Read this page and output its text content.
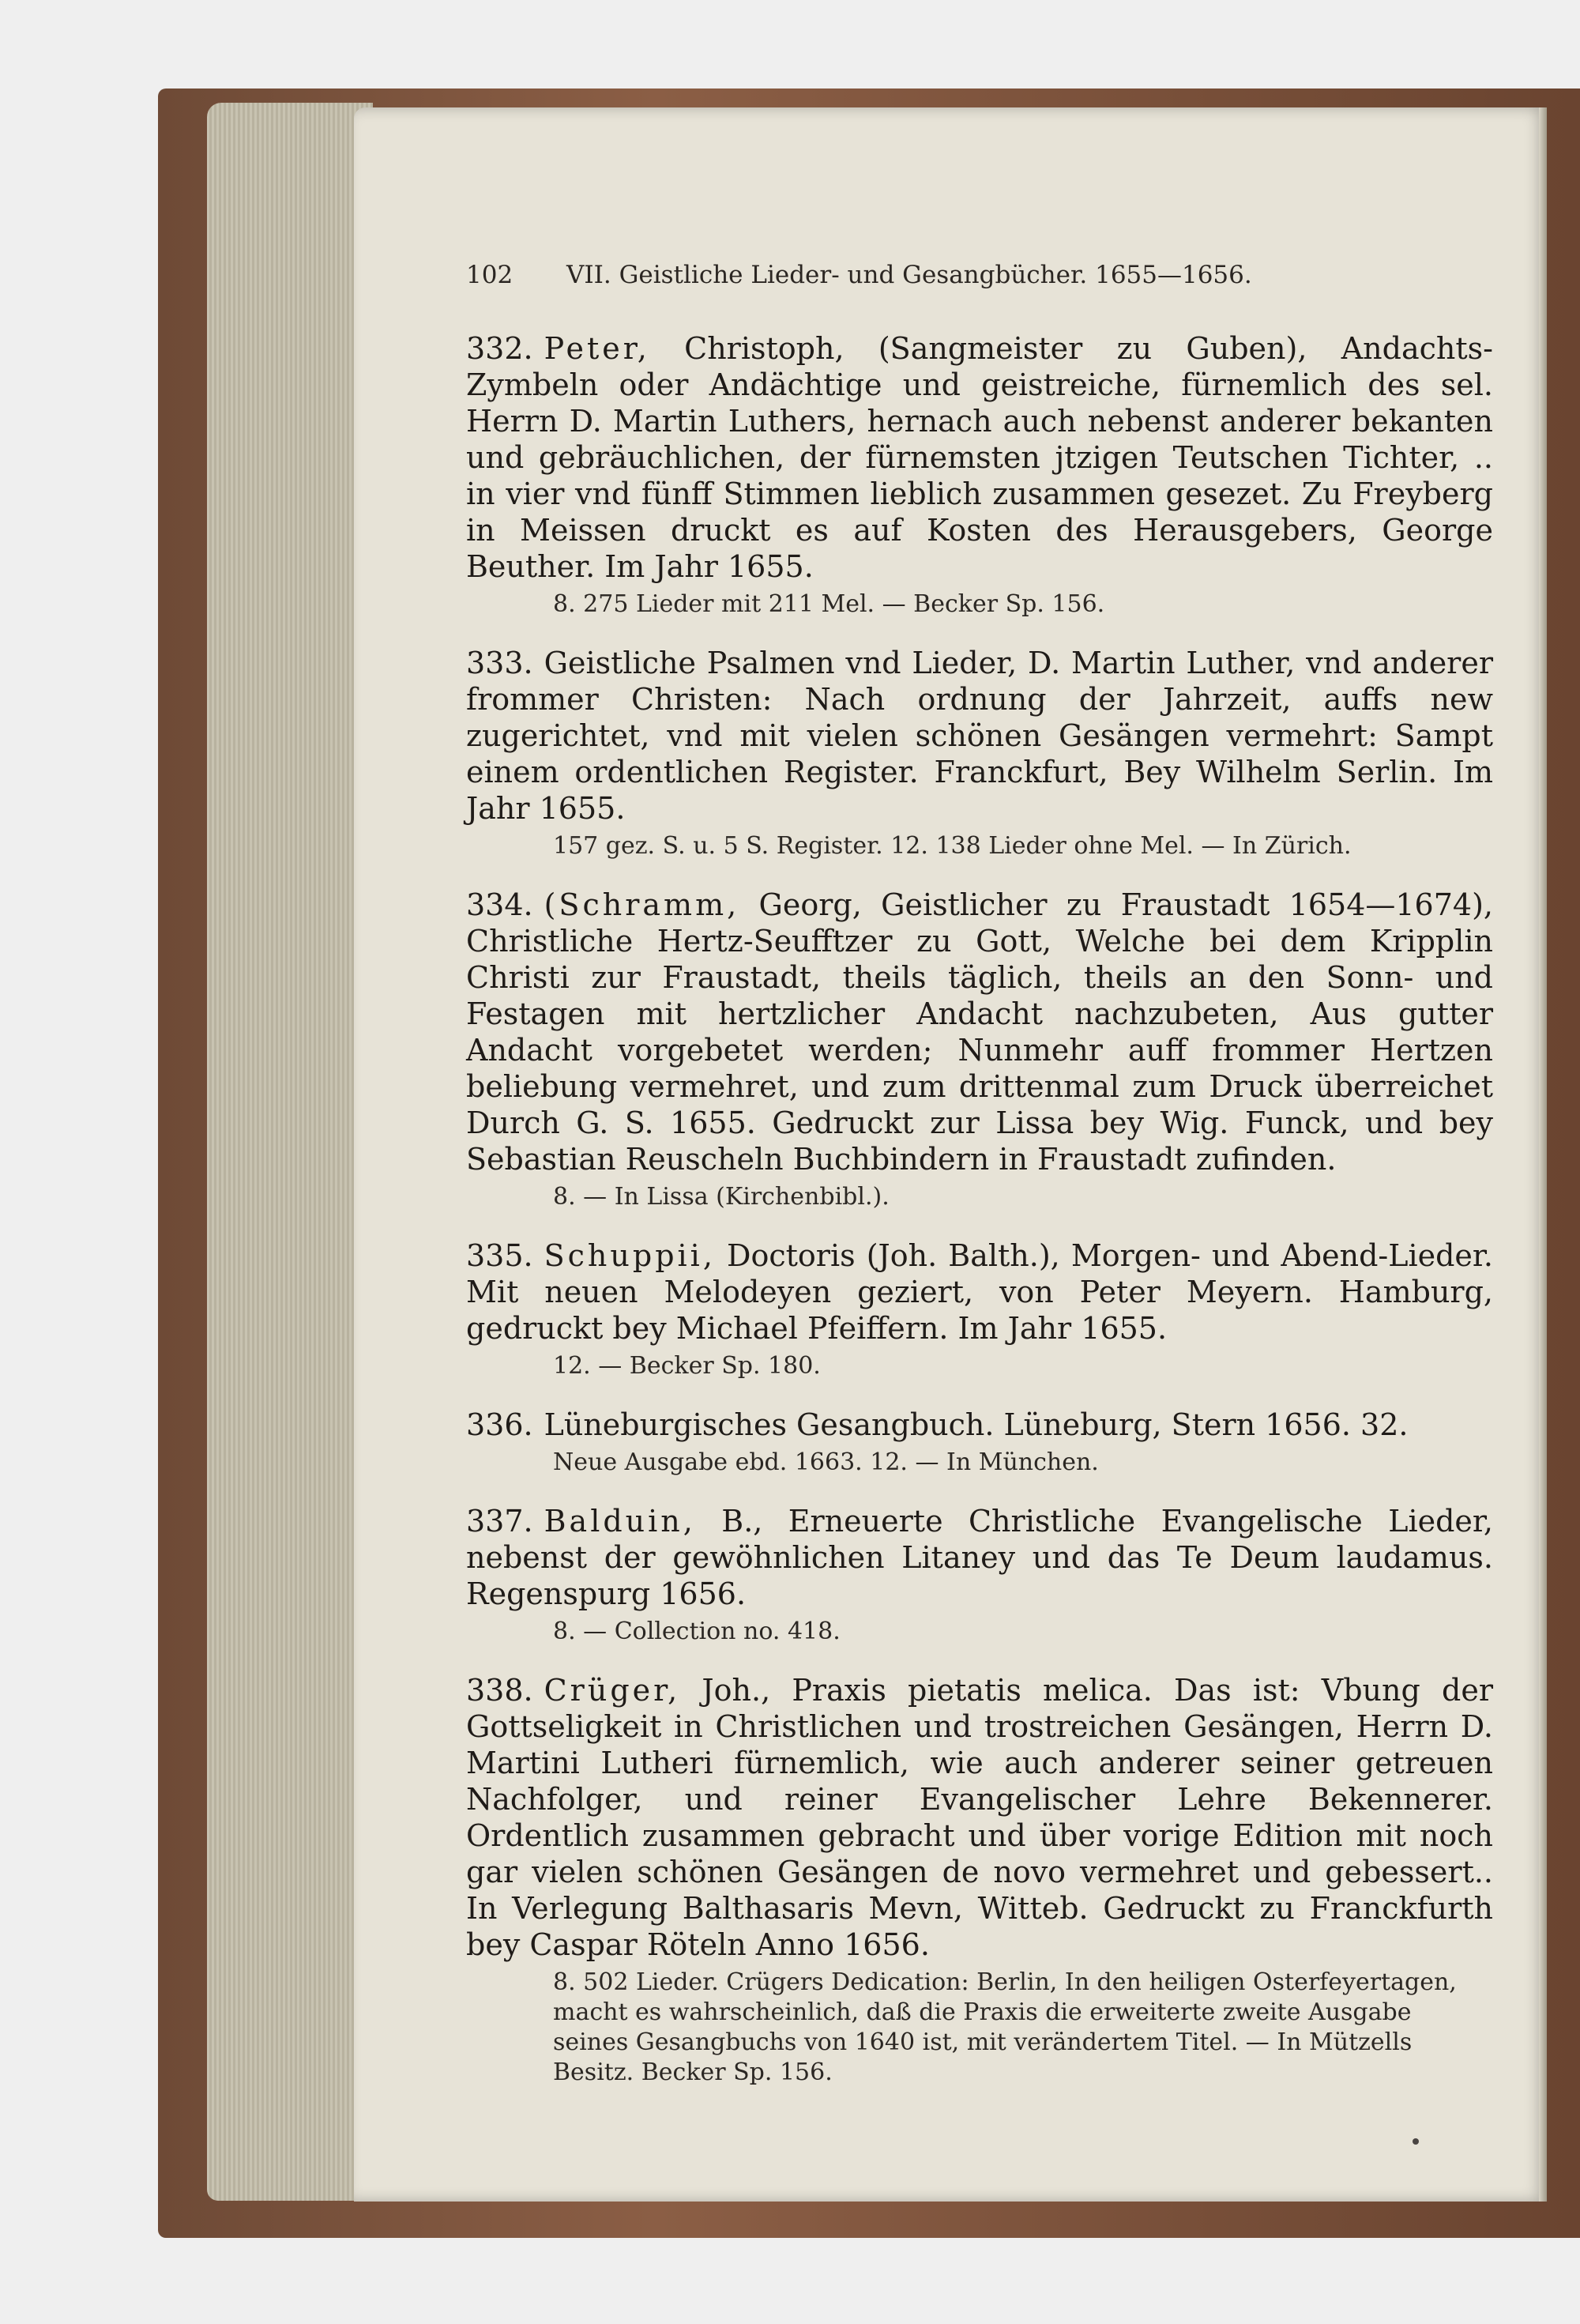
102 VII. Geistliche Lieder- und Gesangbücher. 1655—1656.

332. Peter, Christoph, (Sangmeister zu Guben), Andachts-Zymbeln oder Andächtige und geistreiche, fürnemlich des sel. Herrn D. Martin Luthers, hernach auch nebenst anderer bekanten und gebräuchlichen, der fürnemsten jtzigen Teutschen Tichter, .. in vier vnd fünff Stimmen lieblich zusammen gesezet. Zu Freyberg in Meissen druckt es auf Kosten des Herausgebers, George Beuther. Im Jahr 1655.

8. 275 Lieder mit 211 Mel. — Becker Sp. 156.

333. Geistliche Psalmen vnd Lieder, D. Martin Luther, vnd anderer frommer Christen: Nach ordnung der Jahrzeit, auffs new zugerichtet, vnd mit vielen schönen Gesängen vermehrt: Sampt einem ordentlichen Register. Franckfurt, Bey Wilhelm Serlin. Im Jahr 1655.

157 gez. S. u. 5 S. Register. 12. 138 Lieder ohne Mel. — In Zürich.

334. (Schramm, Georg, Geistlicher zu Fraustadt 1654—1674), Christliche Hertz-Seufftzer zu Gott, Welche bei dem Kripplin Christi zur Fraustadt, theils täglich, theils an den Sonn- und Festagen mit hertzlicher Andacht nachzubeten, Aus gutter Andacht vorgebetet werden; Nunmehr auff frommer Hertzen beliebung vermehret, und zum drittenmal zum Druck überreichet Durch G. S. 1655. Gedruckt zur Lissa bey Wig. Funck, und bey Sebastian Reuscheln Buchbindern in Fraustadt zufinden.

8. — In Lissa (Kirchenbibl.).

335. Schuppii, Doctoris (Joh. Balth.), Morgen- und Abend-Lieder. Mit neuen Melodeyen geziert, von Peter Meyern. Hamburg, gedruckt bey Michael Pfeiffern. Im Jahr 1655.

12. — Becker Sp. 180.

336. Lüneburgisches Gesangbuch. Lüneburg, Stern 1656. 32.

Neue Ausgabe ebd. 1663. 12. — In München.

337. Balduin, B., Erneuerte Christliche Evangelische Lieder, nebenst der gewöhnlichen Litaney und das Te Deum laudamus. Regenspurg 1656.

8. — Collection no. 418.

338. Crüger, Joh., Praxis pietatis melica. Das ist: Vbung der Gottseligkeit in Christlichen und trostreichen Gesängen, Herrn D. Martini Lutheri fürnemlich, wie auch anderer seiner getreuen Nachfolger, und reiner Evangelischer Lehre Bekennerer. Ordentlich zusammen gebracht und über vorige Edition mit noch gar vielen schönen Gesängen de novo vermehret und gebessert.. In Verlegung Balthasaris Mevn, Witteb. Gedruckt zu Franckfurth bey Caspar Röteln Anno 1656.

8. 502 Lieder. Crügers Dedication: Berlin, In den heiligen Osterfeyertagen, macht es wahrscheinlich, daß die Praxis die erweiterte zweite Ausgabe seines Gesangbuchs von 1640 ist, mit verändertem Titel. — In Mützells Besitz. Becker Sp. 156.
